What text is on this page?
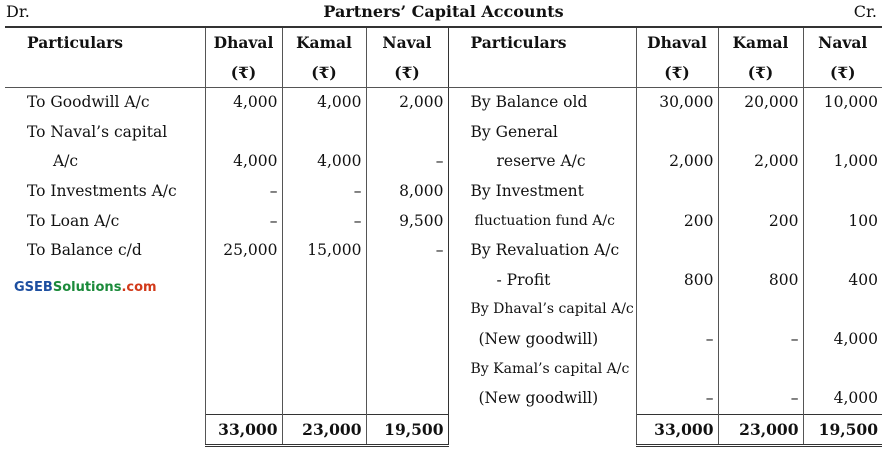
Dr.	Partners’ Capital Accounts	Cr.
Particulars	Dhaval	Kamal	Naval	Particulars	Dhaval	Kamal	Naval
	(₹)	(₹)	(₹)		(₹)	(₹)	(₹)
To Goodwill A/c	4,000	4,000	2,000	By Balance old	30,000	20,000	10,000
To Naval’s capital				By General			
A/c	4,000	4,000	–	reserve A/c	2,000	2,000	1,000
To Investments A/c	–	–	8,000	By Investment			
To Loan A/c	–	–	9,500	fluctuation fund A/c	200	200	100
To Balance c/d	25,000	15,000	–	By Revaluation A/c			
				- Profit	800	800	400
				By Dhaval’s capital A/c			
				(New goodwill)	–	–	4,000
				By Kamal’s capital A/c			
				(New goodwill)	–	–	4,000
	33,000	23,000	19,500		33,000	23,000	19,500
GSEBSolutions.com
